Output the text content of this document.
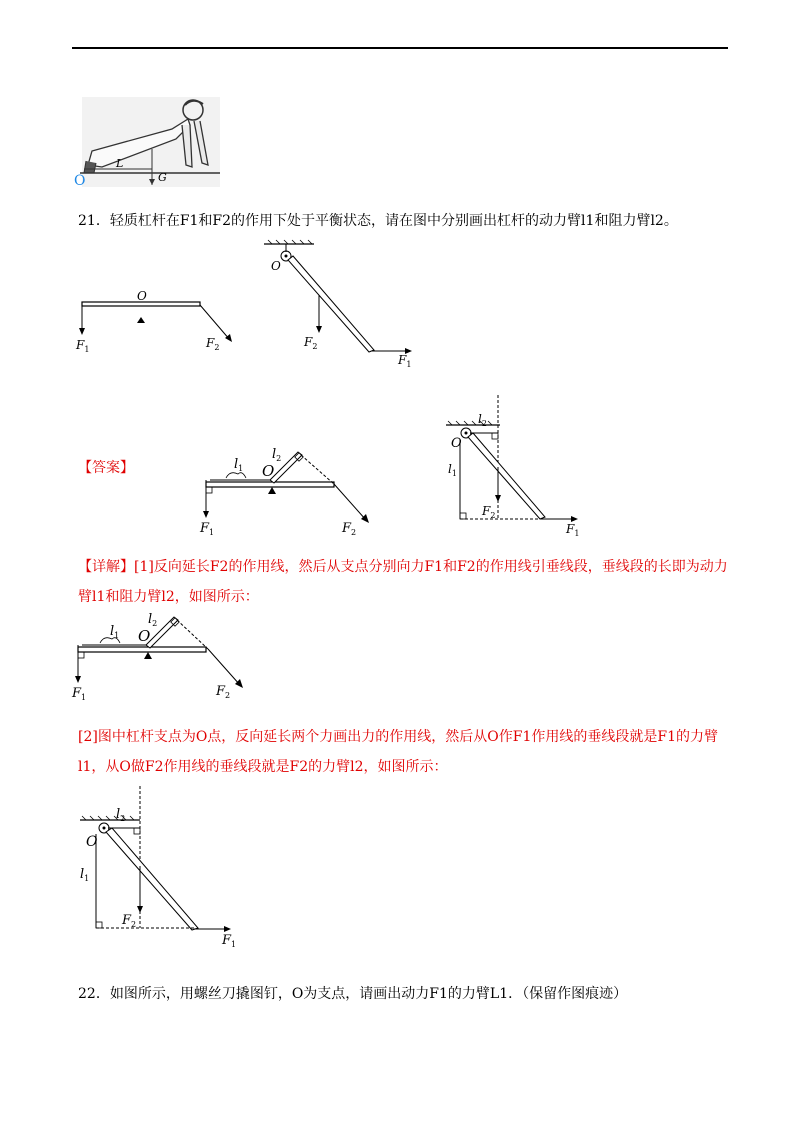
L
G
O
21．轻质杠杆在F1和F2的作用下处于平衡状态，请在图中分别画出杠杆的动力臂l1和阻力臂l2。
O
$F_1$	$F_2$
O
$F_2$
$F_1$
【答案】	O
$l_1$
$l_2$
$F_1$	$F_2$
O
$l_2$
$l_1$
$F_2$
$F_1$
【详解】[1]反向延长F2的作用线，然后从支点分别向力F1和F2的作用线引垂线段，垂线段的长即为动力臂l1和阻力臂l2，如图所示：
O
$l_1$
$l_2$
$F_1$	$F_2$
[2]图中杠杆支点为O点，反向延长两个力画出力的作用线，然后从O作F1作用线的垂线段就是F1的力臂l1，从O做F2作用线的垂线段就是F2的力臂l2，如图所示：
O
$l_2$
$l_1$
$F_2$
$F_1$
22．如图所示，用螺丝刀撬图钉，O为支点，请画出动力F1的力臂L1．（保留作图痕迹）
